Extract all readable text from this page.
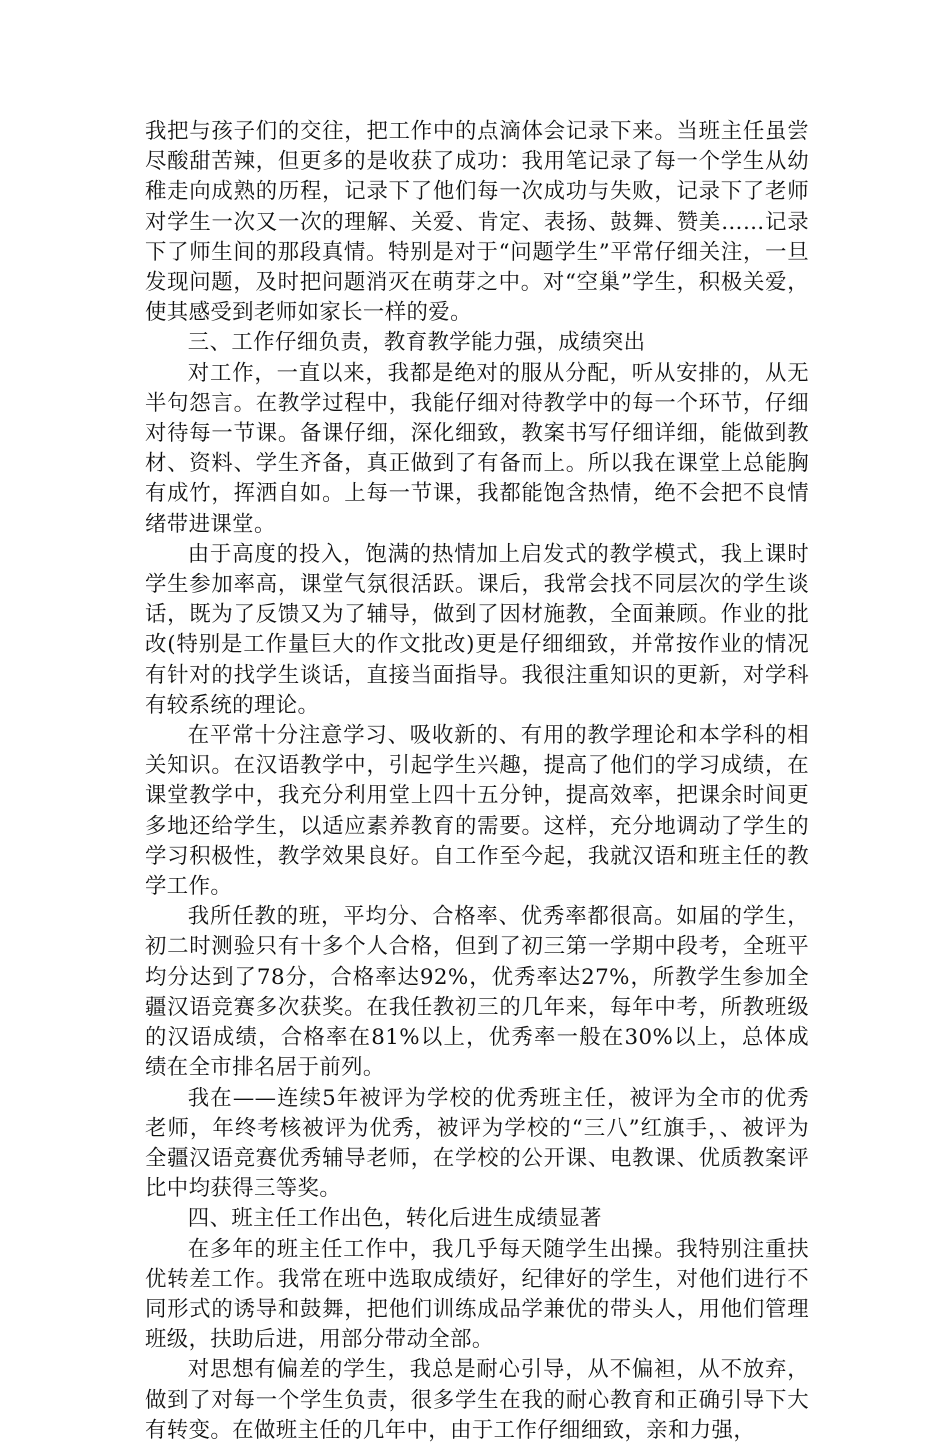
我把与孩子们的交往，把工作中的点滴体会记录下来。当班主任虽尝尽酸甜苦辣，但更多的是收获了成功：我用笔记录了每一个学生从幼稚走向成熟的历程，记录下了他们每一次成功与失败，记录下了老师对学生一次又一次的理解、关爱、肯定、表扬、鼓舞、赞美……记录下了师生间的那段真情。特别是对于“问题学生”平常仔细关注，一旦发现问题，及时把问题消灭在萌芽之中。对“空巢”学生，积极关爱，使其感受到老师如家长一样的爱。

三、工作仔细负责，教育教学能力强，成绩突出

对工作，一直以来，我都是绝对的服从分配，听从安排的，从无半句怨言。在教学过程中，我能仔细对待教学中的每一个环节，仔细对待每一节课。备课仔细，深化细致，教案书写仔细详细，能做到教材、资料、学生齐备，真正做到了有备而上。所以我在课堂上总能胸有成竹，挥洒自如。上每一节课，我都能饱含热情，绝不会把不良情绪带进课堂。

由于高度的投入，饱满的热情加上启发式的教学模式，我上课时学生参加率高，课堂气氛很活跃。课后，我常会找不同层次的学生谈话，既为了反馈又为了辅导，做到了因材施教，全面兼顾。作业的批改(特别是工作量巨大的作文批改)更是仔细细致，并常按作业的情况有针对的找学生谈话，直接当面指导。我很注重知识的更新，对学科有较系统的理论。

在平常十分注意学习、吸收新的、有用的教学理论和本学科的相关知识。在汉语教学中，引起学生兴趣，提高了他们的学习成绩，在课堂教学中，我充分利用堂上四十五分钟，提高效率，把课余时间更多地还给学生，以适应素养教育的需要。这样，充分地调动了学生的学习积极性，教学效果良好。自工作至今起，我就汉语和班主任的教学工作。

我所任教的班，平均分、合格率、优秀率都很高。如届的学生，初二时测验只有十多个人合格，但到了初三第一学期中段考，全班平均分达到了78分，合格率达92%，优秀率达27%，所教学生参加全疆汉语竞赛多次获奖。在我任教初三的几年来，每年中考，所教班级的汉语成绩，合格率在81%以上，优秀率一般在30%以上，总体成绩在全市排名居于前列。

我在——连续5年被评为学校的优秀班主任，被评为全市的优秀老师，年终考核被评为优秀，被评为学校的“三八”红旗手，、被评为全疆汉语竞赛优秀辅导老师，在学校的公开课、电教课、优质教案评比中均获得三等奖。

四、班主任工作出色，转化后进生成绩显著

在多年的班主任工作中，我几乎每天随学生出操。我特别注重扶优转差工作。我常在班中选取成绩好，纪律好的学生，对他们进行不同形式的诱导和鼓舞，把他们训练成品学兼优的带头人，用他们管理班级，扶助后进，用部分带动全部。

对思想有偏差的学生，我总是耐心引导，从不偏袒，从不放弃，做到了对每一个学生负责，很多学生在我的耐心教育和正确引导下大有转变。在做班主任的几年中，由于工作仔细细致，亲和力强，
